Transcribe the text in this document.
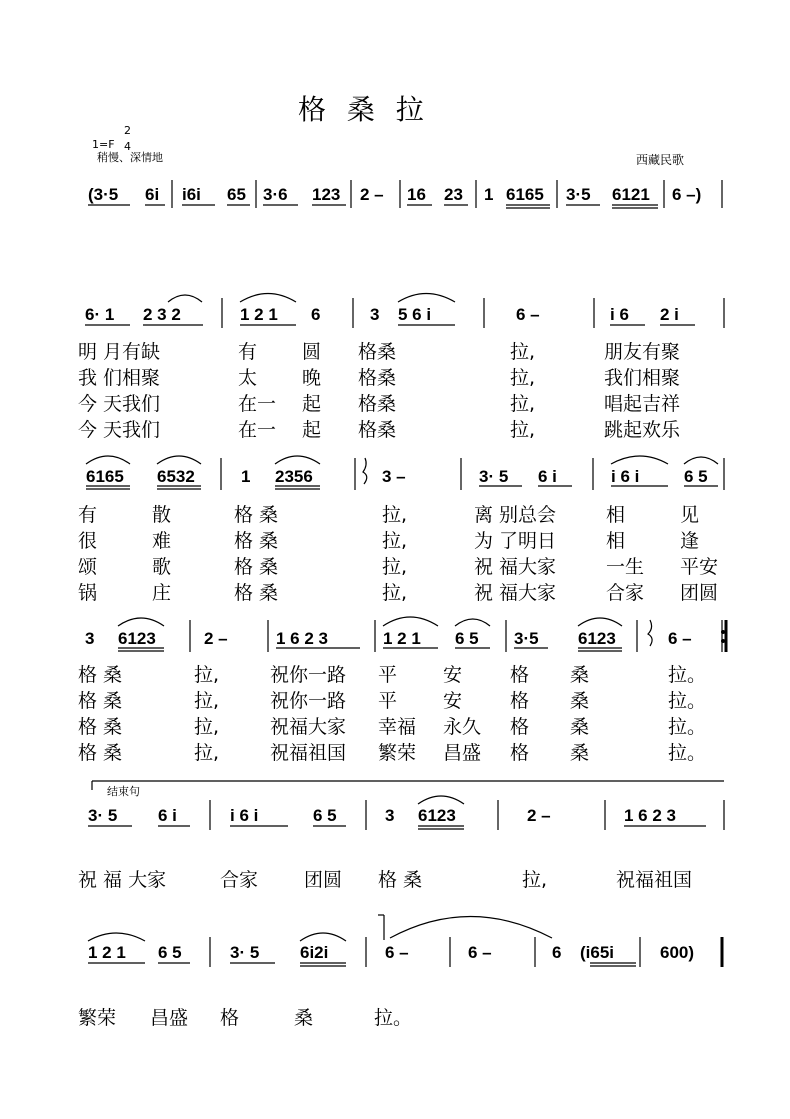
格 桑 拉
1=F
2
4
稍慢、深情地	西藏民歌
(3·5 6i i6i 65 3·6 123 2 – 16 23 1 6165 3·5 6121 6 –)
6· 1 2 3 2	1 2 1 6	3 5 6 i	6 –	i 6 2 i
明 月有缺	有 圆 格桑	拉,	朋友有聚
我 们相聚	太 晚 格桑	拉,	我们相聚
今 天我们	在一 起 格桑	拉,	唱起吉祥
今 天我们	在一 起 格桑	拉,	跳起欢乐
6165 6532	1 2356	3 –	3· 5 6 i	i 6 i	6 5
有	散	格 桑	拉,	离 别总会	相	见
很	难	格 桑	拉,	为 了明日	相	逢
颂	歌	格 桑	拉,	祝 福大家	一生 平安
锅	庄	格 桑	拉,	祝 福大家	合家 团圆
3 6123	2 –	1 6 2 3	1 2 1 6 5 3·5 6123	6 –
格 桑	拉,	祝你一路 平 安	格 桑	拉。
格 桑	拉,	祝你一路 平 安	格 桑	拉。
格 桑	拉,	祝福大家 幸福 永久 格 桑	拉。
格 桑	拉,	祝福祖国 繁荣 昌盛 格 桑	拉。
结束句
3· 5 6 i	i 6 i	6 5	3 6123	2 –	1 6 2 3
祝 福 大家	合家 团圆 格 桑	拉,	祝福祖国
1 2 1 6 5	3· 5 6i2i	6 –	6 –	6 (i65i	600)
繁荣 昌盛 格	桑	拉。
